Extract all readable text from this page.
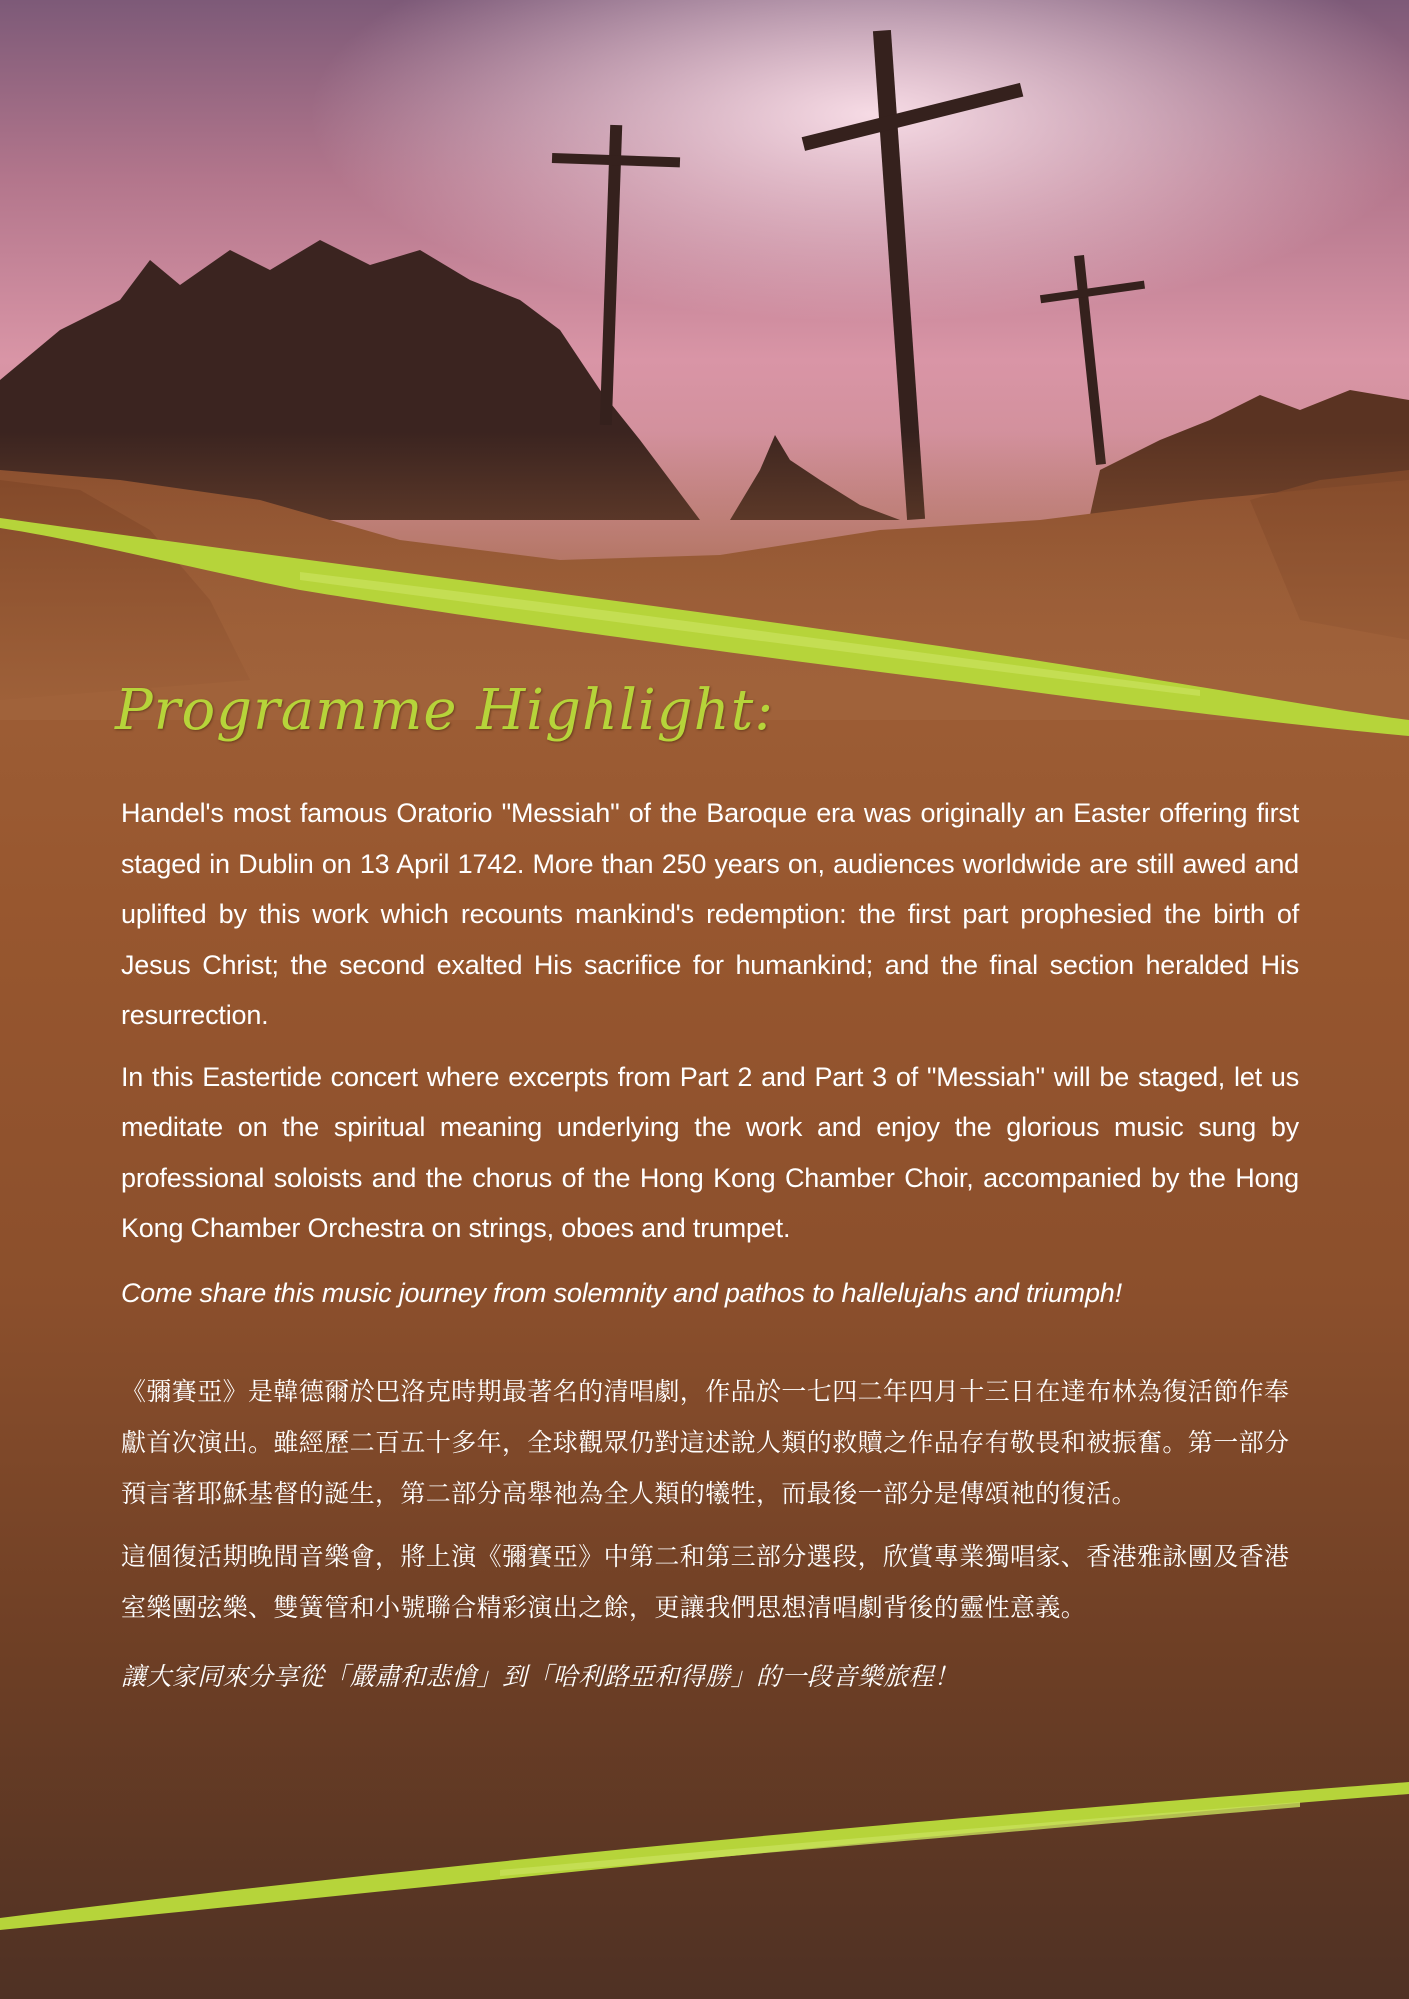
Programme Highlight:

Handel's most famous Oratorio "Messiah" of the Baroque era was originally an Easter offering first staged in Dublin on 13 April 1742. More than 250 years on, audiences worldwide are still awed and uplifted by this work which recounts mankind's redemption: the first part prophesied the birth of Jesus Christ; the second exalted His sacrifice for humankind; and the final section heralded His resurrection.

In this Eastertide concert where excerpts from Part 2 and Part 3 of "Messiah" will be staged, let us meditate on the spiritual meaning underlying the work and enjoy the glorious music sung by professional soloists and the chorus of the Hong Kong Chamber Choir, accompanied by the Hong Kong Chamber Orchestra on strings, oboes and trumpet.

Come share this music journey from solemnity and pathos to hallelujahs and triumph!

《彌賽亞》是韓德爾於巴洛克時期最著名的清唱劇，作品於一七四二年四月十三日在達布林為復活節作奉獻首次演出。雖經歷二百五十多年，全球觀眾仍對這述說人類的救贖之作品存有敬畏和被振奮。第一部分預言著耶穌基督的誕生，第二部分高舉祂為全人類的犧牲，而最後一部分是傳頌祂的復活。

這個復活期晚間音樂會，將上演《彌賽亞》中第二和第三部分選段，欣賞專業獨唱家、香港雅詠團及香港室樂團弦樂、雙簧管和小號聯合精彩演出之餘，更讓我們思想清唱劇背後的靈性意義。

讓大家同來分享從「嚴肅和悲愴」到「哈利路亞和得勝」的一段音樂旅程！
